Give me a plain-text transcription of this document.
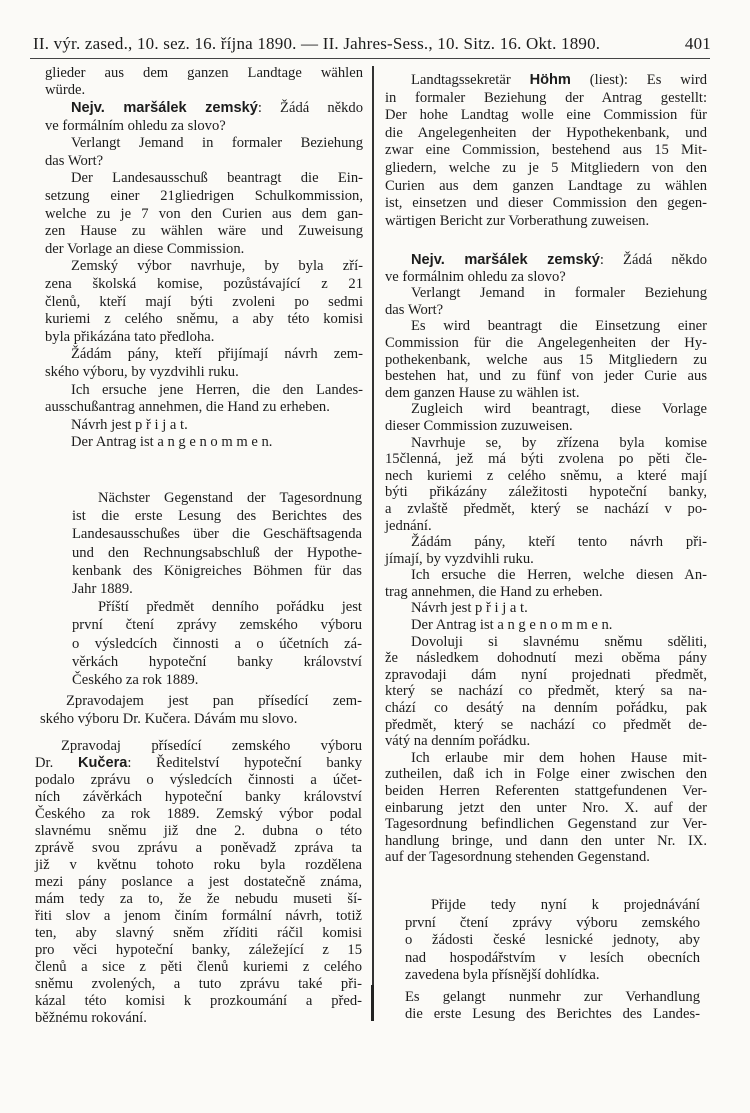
II. výr. zased., 10. sez. 16. října 1890. — II. Jahres-Sess., 10. Sitz. 16. Okt. 1890.	401
glieder aus dem ganzen Landtage wählen
würde.
Nejv. maršálek zemský: Žádá někdo
ve formálním ohledu za slovo?
Verlangt Jemand in formaler Beziehung
das Wort?
Der Landesausschuß beantragt die Ein-
setzung einer 21gliedrigen Schulkommission,
welche zu je 7 von den Curien aus dem gan-
zen Hause zu wählen wäre und Zuweisung
der Vorlage an diese Commission.
Zemský výbor navrhuje, by byla zří-
zena školská komise, pozůstávající z 21
členů, kteří mají býti zvoleni po sedmi
kuriemi z celého sněmu, a aby této komisi
byla přikázána tato předloha.
Žádám pány, kteří přijímají návrh zem-
ského výboru, by vyzdvihli ruku.
Ich ersuche jene Herren, die den Landes-
ausschußantrag annehmen, die Hand zu erheben.
Návrh jest p ř i j a t.
Der Antrag ist a n g e n o m m e n.
Nächster Gegenstand der Tagesordnung
ist die erste Lesung des Berichtes des
Landesausschußes über die Geschäftsagenda
und den Rechnungsabschluß der Hypothe-
kenbank des Königreiches Böhmen für das
Jahr 1889.
Příští předmět denního pořádku jest
první čtení zprávy zemského výboru
o výsledcích činnosti a o účetních zá-
věrkách hypoteční banky království
Českého za rok 1889.
Zpravodajem jest pan přísedící zem-
ského výboru Dr. Kučera. Dávám mu slovo.
Zpravodaj přísedící zemského výboru
Dr. Kučera: Ředitelství hypoteční banky
podalo zprávu o výsledcích činnosti a účet-
ních závěrkách hypoteční banky království
Českého za rok 1889. Zemský výbor podal
slavnému sněmu již dne 2. dubna o této
zprávě svou zprávu a poněvadž zpráva ta
již v květnu tohoto roku byla rozdělena
mezi pány poslance a jest dostatečně známa,
mám tedy za to, že že nebudu museti ší-
řiti slov a jenom činím formální návrh, totiž
ten, aby slavný sněm zříditi ráčil komisi
pro věci hypoteční banky, záležející z 15
členů a sice z pěti členů kuriemi z celého
sněmu zvolených, a tuto zprávu také při-
kázal této komisi k prozkoumání a před-
běžnému rokování.
Landtagssekretär Höhm (liest): Es wird
in formaler Beziehung der Antrag gestellt:
Der hohe Landtag wolle eine Commission für
die Angelegenheiten der Hypothekenbank, und
zwar eine Commission, bestehend aus 15 Mit-
gliedern, welche zu je 5 Mitgliedern von den
Curien aus dem ganzen Landtage zu wählen
ist, einsetzen und dieser Commission den gegen-
wärtigen Bericht zur Vorberathung zuweisen.
Nejv. maršálek zemský: Žádá někdo
ve formálnim ohledu za slovo?
Verlangt Jemand in formaler Beziehung
das Wort?
Es wird beantragt die Einsetzung einer
Commission für die Angelegenheiten der Hy-
pothekenbank, welche aus 15 Mitgliedern zu
bestehen hat, und zu fünf von jeder Curie aus
dem ganzen Hause zu wählen ist.
Zugleich wird beantragt, diese Vorlage
dieser Commission zuzuweisen.
Navrhuje se, by zřízena byla komise
15členná, jež má býti zvolena po pěti čle-
nech kuriemi z celého sněmu, a které mají
býti přikázány záležitosti hypoteční banky,
a zvlaště předmět, který se nachází v po-
jednání.
Žádám pány, kteří tento návrh při-
jímají, by vyzdvihli ruku.
Ich ersuche die Herren, welche diesen An-
trag annehmen, die Hand zu erheben.
Návrh jest p ř i j a t.
Der Antrag ist a n g e n o m m e n.
Dovoluji si slavnému sněmu sděliti,
že následkem dohodnutí mezi oběma pány
zpravodaji dám nyní projednati předmět,
který se nachází co předmět, který sa na-
chází co desátý na denním pořádku, pak
předmět, který se nachází co předmět de-
vátý na denním pořádku.
Ich erlaube mir dem hohen Hause mit-
zutheilen, daß ich in Folge einer zwischen den
beiden Herren Referenten stattgefundenen Ver-
einbarung jetzt den unter Nro. X. auf der
Tagesordnung befindlichen Gegenstand zur Ver-
handlung bringe, und dann den unter Nr. IX.
auf der Tagesordnung stehenden Gegenstand.
Přijde tedy nyní k projednávání
první čtení zprávy výboru zemského
o žádosti české lesnické jednoty, aby
nad hospodářstvím v lesích obecních
zavedena byla přísnější dohlídka.
Es gelangt nunmehr zur Verhandlung
die erste Lesung des Berichtes des Landes-
